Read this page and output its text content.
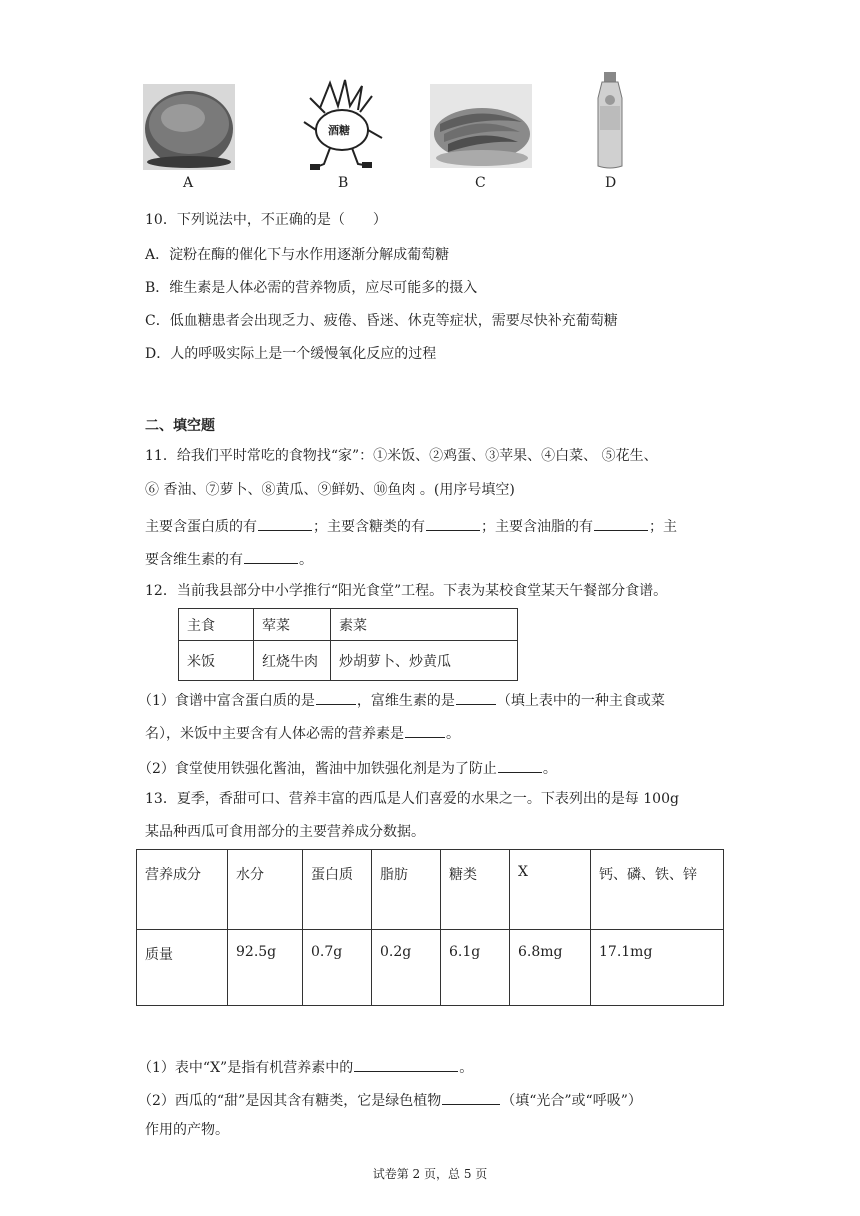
A
酒糖
B	C	D
10．下列说法中，不正确的是（　　）
A．淀粉在酶的催化下与水作用逐渐分解成葡萄糖
B．维生素是人体必需的营养物质，应尽可能多的摄入
C．低血糖患者会出现乏力、疲倦、昏迷、休克等症状，需要尽快补充葡萄糖
D．人的呼吸实际上是一个缓慢氧化反应的过程
二、填空题
11．给我们平时常吃的食物找“家”：①米饭、②鸡蛋、③苹果、④白菜、 ⑤花生、
⑥ 香油、⑦萝卜、⑧黄瓜、⑨鲜奶、⑩鱼肉 。(用序号填空)
主要含蛋白质的有	；主要含糖类的有	；主要含油脂的有	；主
要含维生素的有	。
12．当前我县部分中小学推行“阳光食堂”工程。下表为某校食堂某天午餐部分食谱。
主食	荤菜	素菜
米饭	红烧牛肉	炒胡萝卜、炒黄瓜
（1）食谱中富含蛋白质的是	，富维生素的是	（填上表中的一种主食或菜
名），米饭中主要含有人体必需的营养素是	。
（2）食堂使用铁强化酱油，酱油中加铁强化剂是为了防止	。
13．夏季，香甜可口、营养丰富的西瓜是人们喜爱的水果之一。下表列出的是每 100g
某品种西瓜可食用部分的主要营养成分数据。
营养成分	水分	蛋白质	脂肪	糖类	X	钙、磷、铁、锌
质量	92.5g	0.7g	0.2g	6.1g	6.8mg	17.1mg
（1）表中“X”是指有机营养素中的	。
（2）西瓜的“甜”是因其含有糖类，它是绿色植物	（填“光合”或“呼吸”）
作用的产物。
试卷第 2 页，总 5 页
